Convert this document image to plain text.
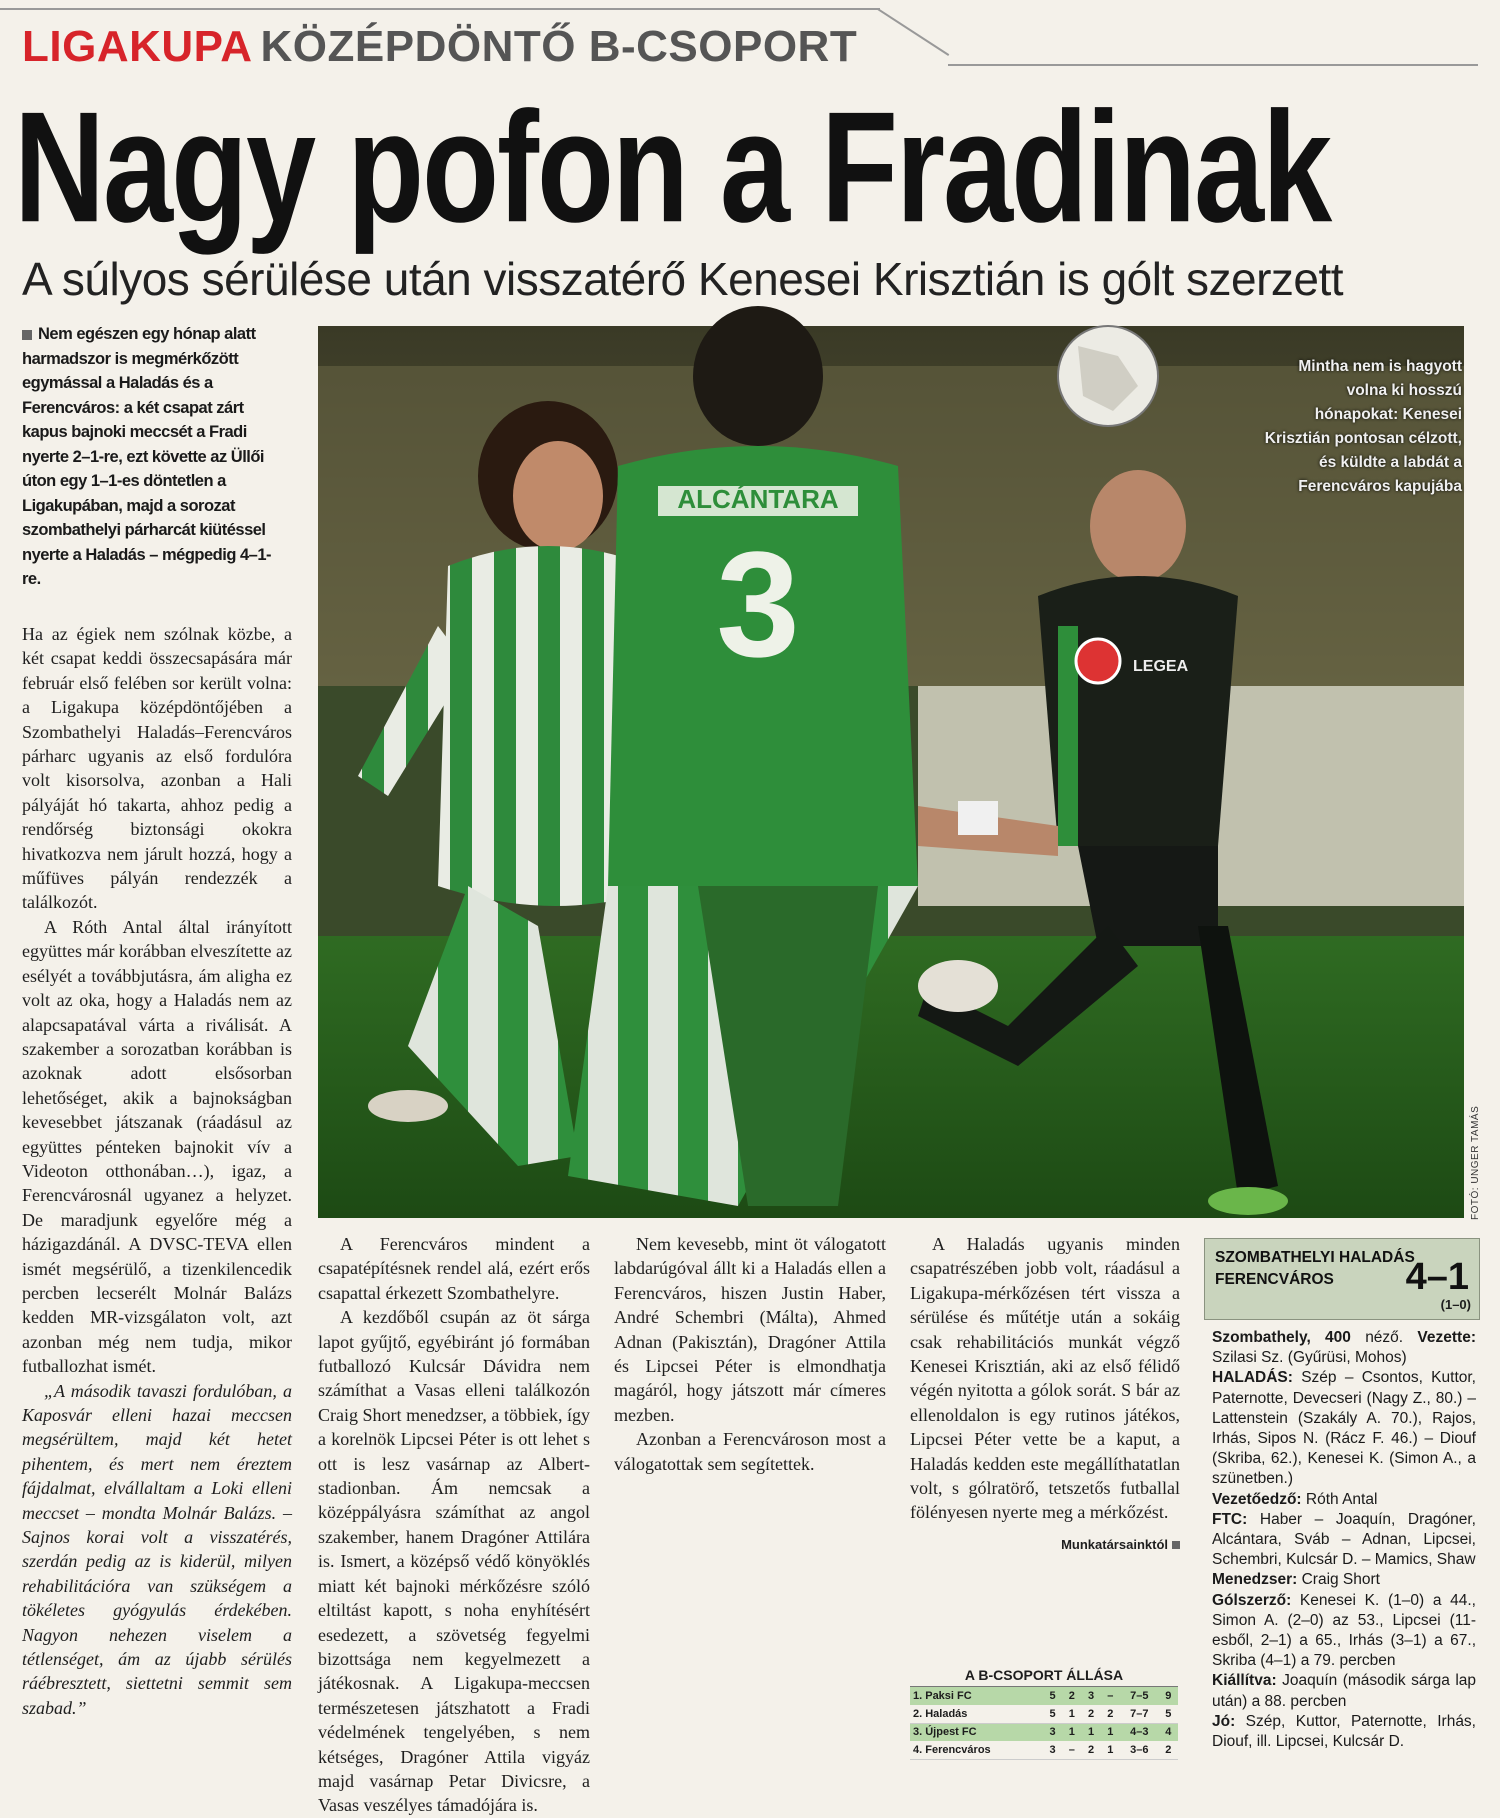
LIGAKUPA KÖZÉPDÖNTŐ B-CSOPORT
Nagy pofon a Fradinak
A súlyos sérülése után visszatérő Kenesei Krisztián is gólt szerzett
Nem egészen egy hónap alatt harmadszor is megmérkőzött egymással a Haladás és a Ferencváros: a két csapat zárt kapus bajnoki meccsét a Fradi nyerte 2–1-re, ezt követte az Üllői úton egy 1–1-es döntetlen a Ligakupában, majd a sorozat szombathelyi párharcát kiütéssel nyerte a Haladás – mégpedig 4–1-re.
ALCÁNTARA
3	LEGEA
Mintha nem is hagyott volna ki hosszú hónapokat: Kenesei Krisztián pontosan célzott, és küldte a labdát a Ferencváros kapujába
FOTÓ: UNGER TAMÁS

Ha az égiek nem szólnak közbe, a két csapat keddi összecsapására már február első felében sor került volna: a Ligakupa középdöntőjében a Szombathelyi Haladás–Ferencváros párharc ugyanis az első fordulóra volt kisorsolva, azonban a Hali pályáját hó takarta, ahhoz pedig a rendőrség biztonsági okokra hivatkozva nem járult hozzá, hogy a műfüves pályán rendezzék a találkozót.

A Róth Antal által irányított együttes már korábban elveszítette az esélyét a továbbjutásra, ám aligha ez volt az oka, hogy a Haladás nem az alapcsapatával várta a riválisát. A szakember a sorozatban korábban is azoknak adott elsősorban lehetőséget, akik a bajnokságban kevesebbet játszanak (ráadásul az együttes pénteken bajnokit vív a Videoton otthonában…), igaz, a Ferencvárosnál ugyanez a helyzet. De maradjunk egyelőre még a házigazdánál. A DVSC-TEVA ellen ismét megsérülő, a tizenkilencedik percben lecserélt Molnár Balázs kedden MR-vizsgálaton volt, azt azonban még nem tudja, mikor futballozhat ismét.

„A második tavaszi fordulóban, a Kaposvár elleni hazai meccsen megsérültem, majd két hetet pihentem, és mert nem éreztem fájdalmat, elvállaltam a Loki elleni meccset – mondta Molnár Balázs. – Sajnos korai volt a visszatérés, szerdán pedig az is kiderül, milyen rehabilitációra van szükségem a tökéletes gyógyulás érdekében. Nagyon nehezen viselem a tétlenséget, ám az újabb sérülés ráébresztett, siettetni semmit sem szabad.”

A Ferencváros mindent a csapatépítésnek rendel alá, ezért erős csapattal érkezett Szombathelyre.

A kezdőből csupán az öt sárga lapot gyűjtő, egyébiránt jó formában futballozó Kulcsár Dávidra nem számíthat a Vasas elleni találkozón Craig Short menedzser, a többiek, így a korelnök Lipcsei Péter is ott lehet s ott is lesz vasárnap az Albert-stadionban. Ám nemcsak a középpályásra számíthat az angol szakember, hanem Dragóner Attilára is. Ismert, a középső védő könyöklés miatt két bajnoki mérkőzésre szóló eltiltást kapott, s noha enyhítésért esedezett, a szövetség fegyelmi bizottsága nem kegyelmezett a játékosnak. A Ligakupa-meccsen természetesen játszhatott a Fradi védelmének tengelyében, s nem kétséges, Dragóner Attila vigyáz majd vasárnap Petar Divicsre, a Vasas veszélyes támadójára is.

Nem kevesebb, mint öt válogatott labdarúgóval állt ki a Haladás ellen a Ferencváros, hiszen Justin Haber, André Schembri (Málta), Ahmed Adnan (Pakisztán), Dragóner Attila és Lipcsei Péter is elmondhatja magáról, hogy játszott már címeres mezben.

Azonban a Ferencvároson most a válogatottak sem segítettek.

A Haladás ugyanis minden csapatrészében jobb volt, ráadásul a Ligakupa-mérkőzésen tért vissza a sérülése és műtétje után a sokáig csak rehabilitációs munkát végző Kenesei Krisztián, aki az első félidő végén nyitotta a gólok sorát. S bár az ellenoldalon is egy rutinos játékos, Lipcsei Péter vette be a kaput, a Haladás kedden este megállíthatatlan volt, s gólratörő, tetszetős futballal fölényesen nyerte meg a mérkőzést.

Munkatársainktól
A B-CSOPORT ÁLLÁSA
1. Paksi FC	5	2	3	–	7–5	9
2. Haladás	5	1	2	2	7–7	5
3. Újpest FC	3	1	1	1	4–3	4
4. Ferencváros	3	–	2	1	3–6	2
SZOMBATHELYI HALADÁS
FERENCVÁROS	4–1
(1–0)
Szombathely, 400 néző. Vezette: Szilasi Sz. (Gyűrüsi, Mohos)
HALADÁS: Szép – Csontos, Kuttor, Paternotte, Devecseri (Nagy Z., 80.) – Lattenstein (Szakály A. 70.), Rajos, Irhás, Sipos N. (Rácz F. 46.) – Diouf (Skriba, 62.), Kenesei K. (Simon A., a szünetben.)
Vezetőedző: Róth Antal
FTC: Haber – Joaquín, Dragóner, Alcántara, Sváb – Adnan, Lipcsei, Schembri, Kulcsár D. – Mamics, Shaw
Menedzser: Craig Short
Gólszerző: Kenesei K. (1–0) a 44., Simon A. (2–0) az 53., Lipcsei (11-esből, 2–1) a 65., Irhás (3–1) a 67., Skriba (4–1) a 79. percben
Kiállítva: Joaquín (második sárga lap után) a 88. percben
Jó: Szép, Kuttor, Paternotte, Irhás, Diouf, ill. Lipcsei, Kulcsár D.
